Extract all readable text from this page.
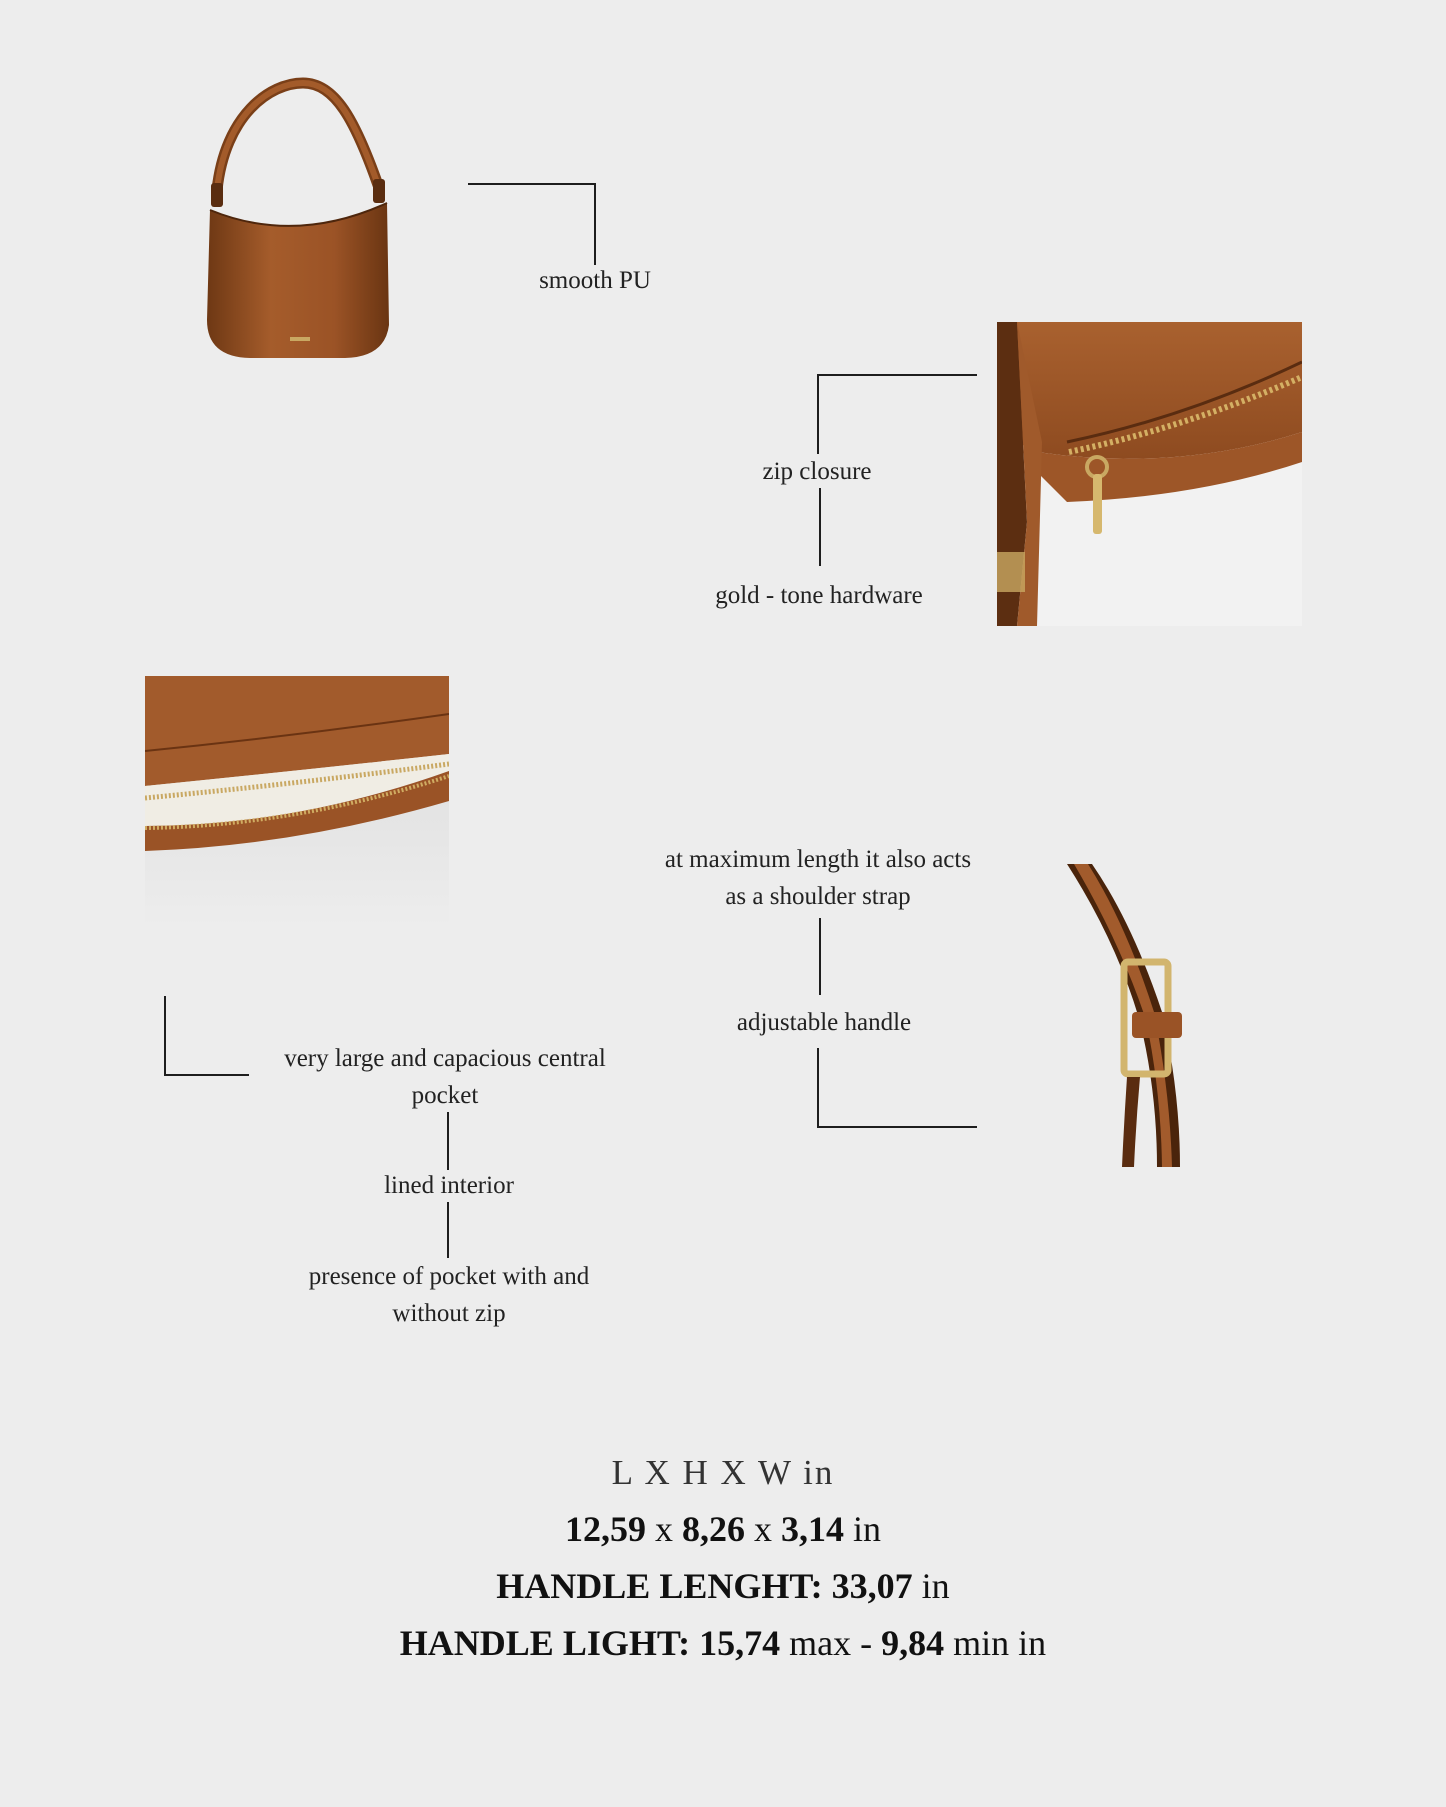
smooth PU
zip closure
gold - tone hardware
very large and capacious central
pocket
lined interior
presence of pocket with and
without zip
at maximum length it also acts
as a shoulder strap
adjustable handle
L X H X W in
12,59 x 8,26 x 3,14 in
HANDLE LENGHT: 33,07 in
HANDLE LIGHT: 15,74 max - 9,84 min in
